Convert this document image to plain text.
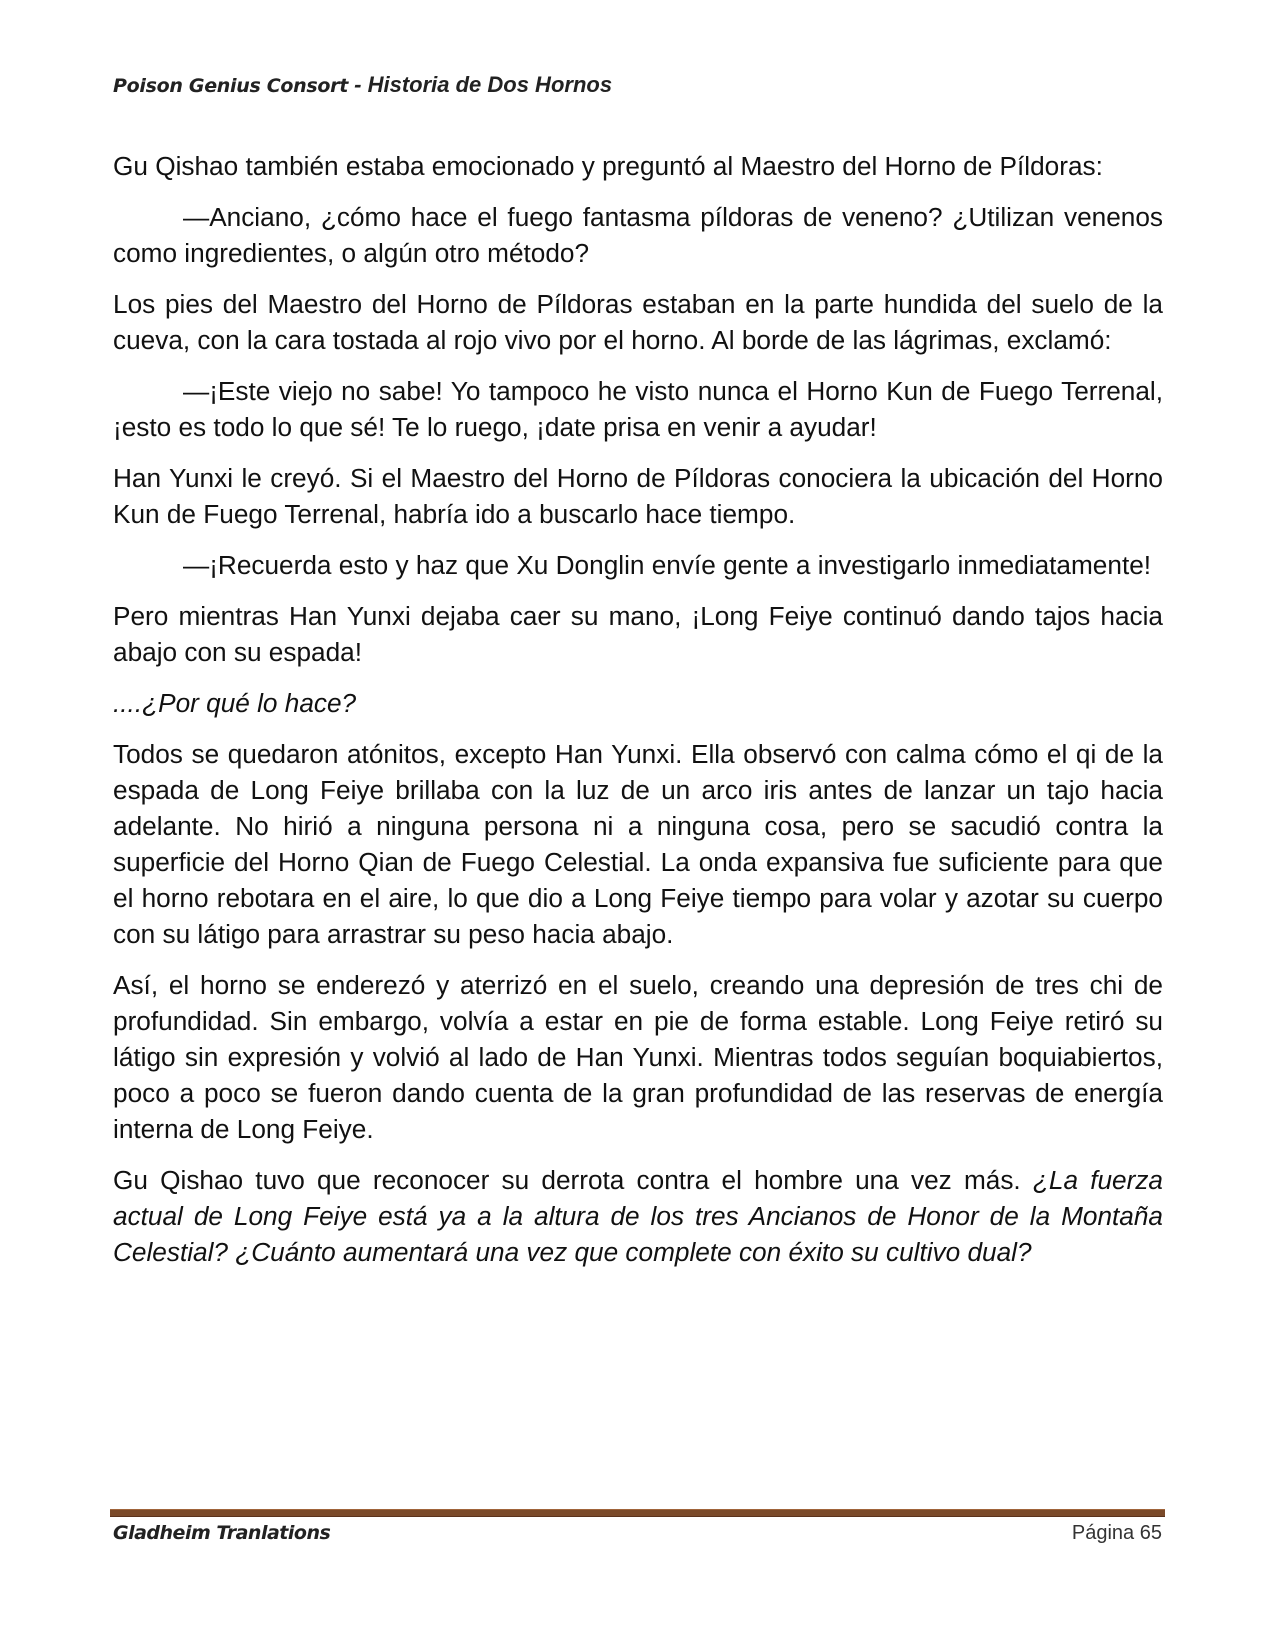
Poison Genius Consort - Historia de Dos Hornos

Gu Qishao también estaba emocionado y preguntó al Maestro del Horno de Píldoras:

—Anciano, ¿cómo hace el fuego fantasma píldoras de veneno? ¿Utilizan venenos como ingredientes, o algún otro método?

Los pies del Maestro del Horno de Píldoras estaban en la parte hundida del suelo de la cueva, con la cara tostada al rojo vivo por el horno. Al borde de las lágrimas, exclamó:

—¡Este viejo no sabe! Yo tampoco he visto nunca el Horno Kun de Fuego Terrenal, ¡esto es todo lo que sé! Te lo ruego, ¡date prisa en venir a ayudar!

Han Yunxi le creyó. Si el Maestro del Horno de Píldoras conociera la ubicación del Horno Kun de Fuego Terrenal, habría ido a buscarlo hace tiempo.

—¡Recuerda esto y haz que Xu Donglin envíe gente a investigarlo inmediatamente!

Pero mientras Han Yunxi dejaba caer su mano, ¡Long Feiye continuó dando tajos hacia abajo con su espada!

....¿Por qué lo hace?

Todos se quedaron atónitos, excepto Han Yunxi. Ella observó con calma cómo el qi de la espada de Long Feiye brillaba con la luz de un arco iris antes de lanzar un tajo hacia adelante. No hirió a ninguna persona ni a ninguna cosa, pero se sacudió contra la superficie del Horno Qian de Fuego Celestial. La onda expansiva fue suficiente para que el horno rebotara en el aire, lo que dio a Long Feiye tiempo para volar y azotar su cuerpo con su látigo para arrastrar su peso hacia abajo.

Así, el horno se enderezó y aterrizó en el suelo, creando una depresión de tres chi de profundidad. Sin embargo, volvía a estar en pie de forma estable. Long Feiye retiró su látigo sin expresión y volvió al lado de Han Yunxi. Mientras todos seguían boquiabiertos, poco a poco se fueron dando cuenta de la gran profundidad de las reservas de energía interna de Long Feiye.

Gu Qishao tuvo que reconocer su derrota contra el hombre una vez más. ¿La fuerza actual de Long Feiye está ya a la altura de los tres Ancianos de Honor de la Montaña Celestial? ¿Cuánto aumentará una vez que complete con éxito su cultivo dual?

Gladheim Tranlations	Página 65
